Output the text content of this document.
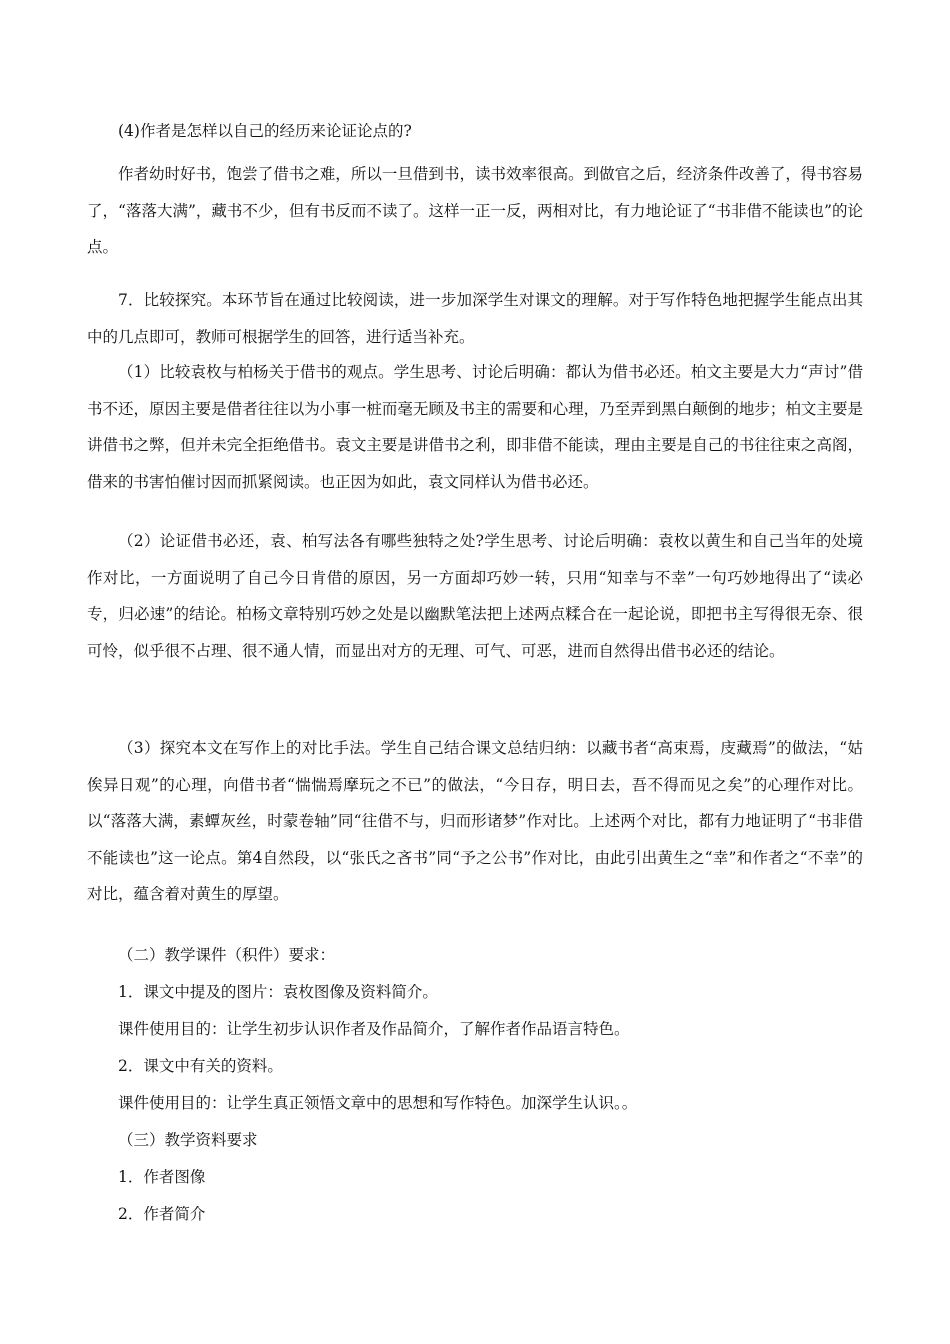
(4)作者是怎样以自己的经历来论证论点的?

作者幼时好书，饱尝了借书之难，所以一旦借到书，读书效率很高。到做官之后，经济条件改善了，得书容易了，“落落大满”，藏书不少，但有书反而不读了。这样一正一反，两相对比，有力地论证了“书非借不能读也”的论点。

7．比较探究。本环节旨在通过比较阅读，进一步加深学生对课文的理解。对于写作特色地把握学生能点出其中的几点即可，教师可根据学生的回答，进行适当补充。

（1）比较袁枚与柏杨关于借书的观点。学生思考、讨论后明确：都认为借书必还。柏文主要是大力“声讨”借书不还，原因主要是借者往往以为小事一桩而毫无顾及书主的需要和心理，乃至弄到黑白颠倒的地步；柏文主要是讲借书之弊，但并未完全拒绝借书。袁文主要是讲借书之利，即非借不能读，理由主要是自己的书往往束之高阁，借来的书害怕催讨因而抓紧阅读。也正因为如此，袁文同样认为借书必还。

（2）论证借书必还，袁、柏写法各有哪些独特之处?学生思考、讨论后明确：袁枚以黄生和自己当年的处境作对比，一方面说明了自己今日肯借的原因，另一方面却巧妙一转，只用“知幸与不幸”一句巧妙地得出了“读必专，归必速”的结论。柏杨文章特别巧妙之处是以幽默笔法把上述两点糅合在一起论说，即把书主写得很无奈、很可怜，似乎很不占理、很不通人情，而显出对方的无理、可气、可恶，进而自然得出借书必还的结论。

（3）探究本文在写作上的对比手法。学生自己结合课文总结归纳：以藏书者“高束焉，庋藏焉”的做法，“姑俟异日观”的心理，向借书者“惴惴焉摩玩之不已”的做法，“今日存，明日去，吾不得而见之矣”的心理作对比。以“落落大满，素蟫灰丝，时蒙卷轴”同“往借不与，归而形诸梦”作对比。上述两个对比，都有力地证明了“书非借不能读也”这一论点。第4自然段，以“张氏之吝书”同“予之公书”作对比，由此引出黄生之“幸”和作者之“不幸”的对比，蕴含着对黄生的厚望。

（二）教学课件（积件）要求：

1．课文中提及的图片：袁枚图像及资料简介。

课件使用目的：让学生初步认识作者及作品简介，了解作者作品语言特色。

2．课文中有关的资料。

课件使用目的：让学生真正领悟文章中的思想和写作特色。加深学生认识。。

（三）教学资料要求

1．作者图像

2．作者简介
